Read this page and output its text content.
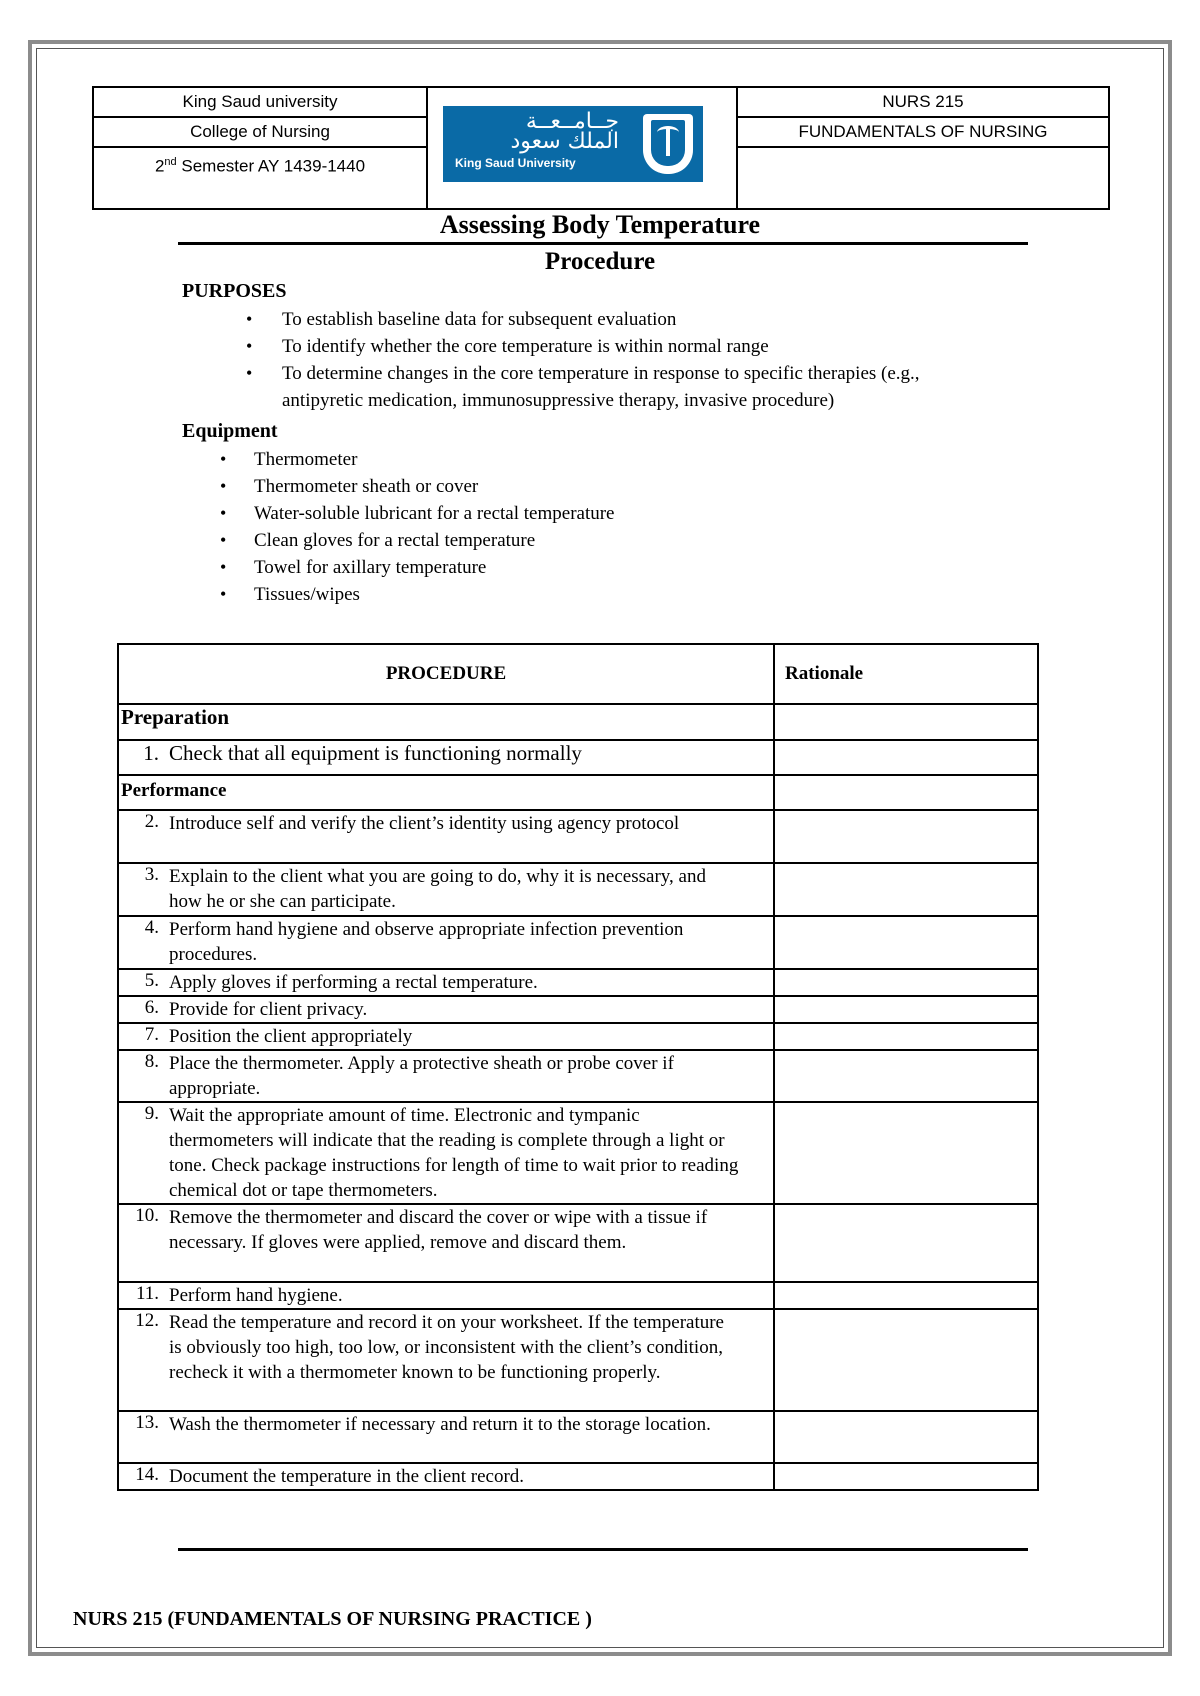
King Saud university		NURS 215
College of Nursing		FUNDAMENTALS OF NURSING
2nd Semester AY 1439-1440		
جــامــعــة
الملك سعود
King Saud University
Assessing Body Temperature
Procedure
PURPOSES
• To establish baseline data for subsequent evaluation
• To identify whether the core temperature is within normal range
• To determine changes in the core temperature in response to specific therapies (e.g., antipyretic medication, immunosuppressive therapy, invasive procedure)
Equipment
• Thermometer
• Thermometer sheath or cover
• Water-soluble lubricant for a rectal temperature
• Clean gloves for a rectal temperature
• Towel for axillary temperature
• Tissues/wipes
PROCEDURE	Rationale
Preparation	
1. Check that all equipment is functioning normally	
Performance	
2. Introduce self and verify the client’s identity using agency protocol	
3. Explain to the client what you are going to do, why it is necessary, and how he or she can participate.	
4. Perform hand hygiene and observe appropriate infection prevention procedures.	
5. Apply gloves if performing a rectal temperature.	
6. Provide for client privacy.	
7. Position the client appropriately	
8. Place the thermometer. Apply a protective sheath or probe cover if appropriate.	
9. Wait the appropriate amount of time. Electronic and tympanic thermometers will indicate that the reading is complete through a light or tone. Check package instructions for length of time to wait prior to reading chemical dot or tape thermometers.	
10. Remove the thermometer and discard the cover or wipe with a tissue if necessary. If gloves were applied, remove and discard them.	
11. Perform hand hygiene.	
12. Read the temperature and record it on your worksheet. If the temperature is obviously too high, too low, or inconsistent with the client’s condition, recheck it with a thermometer known to be functioning properly.	
13. Wash the thermometer if necessary and return it to the storage location.	
14. Document the temperature in the client record.	
NURS 215 (FUNDAMENTALS OF NURSING PRACTICE )
